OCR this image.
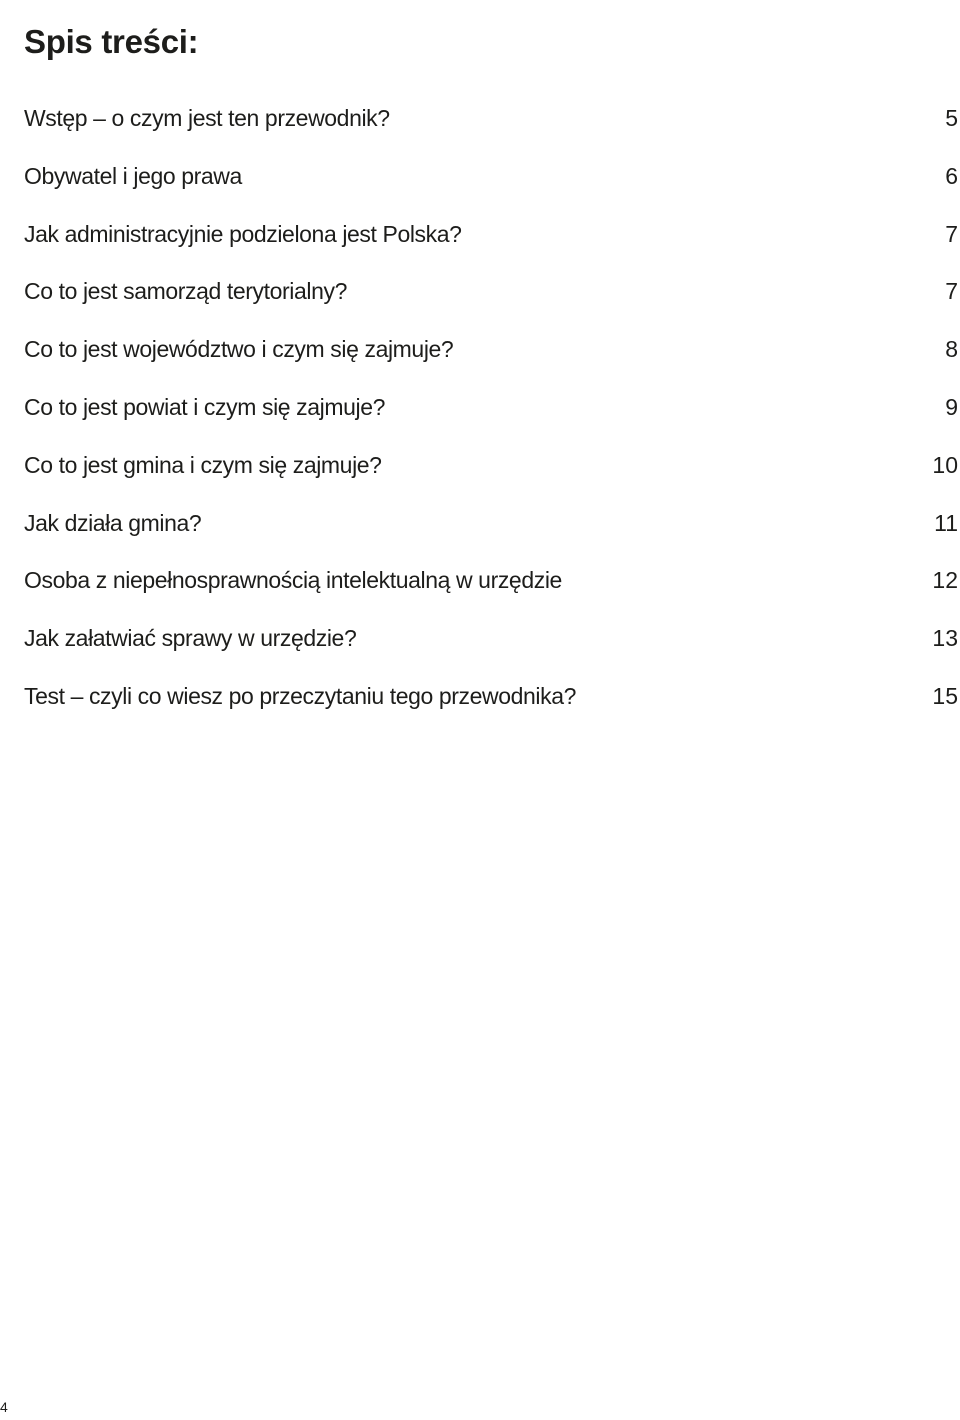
Spis treści:
Wstęp – o czym jest ten przewodnik? . . .	5
Obywatel i jego prawa . . .	6
Jak administracyjnie podzielona jest Polska? . . .	7
Co to jest samorząd terytorialny? . . .	7
Co to jest województwo i czym się zajmuje? . . .	8
Co to jest powiat i czym się zajmuje? . . .	9
Co to jest gmina i czym się zajmuje? . . .	10
Jak działa gmina? . . .	11
Osoba z niepełnosprawnością intelektualną w urzędzie . . .	12
Jak załatwiać sprawy w urzędzie? . . .	13
Test – czyli co wiesz po przeczytaniu tego przewodnika? . . .	15
4
